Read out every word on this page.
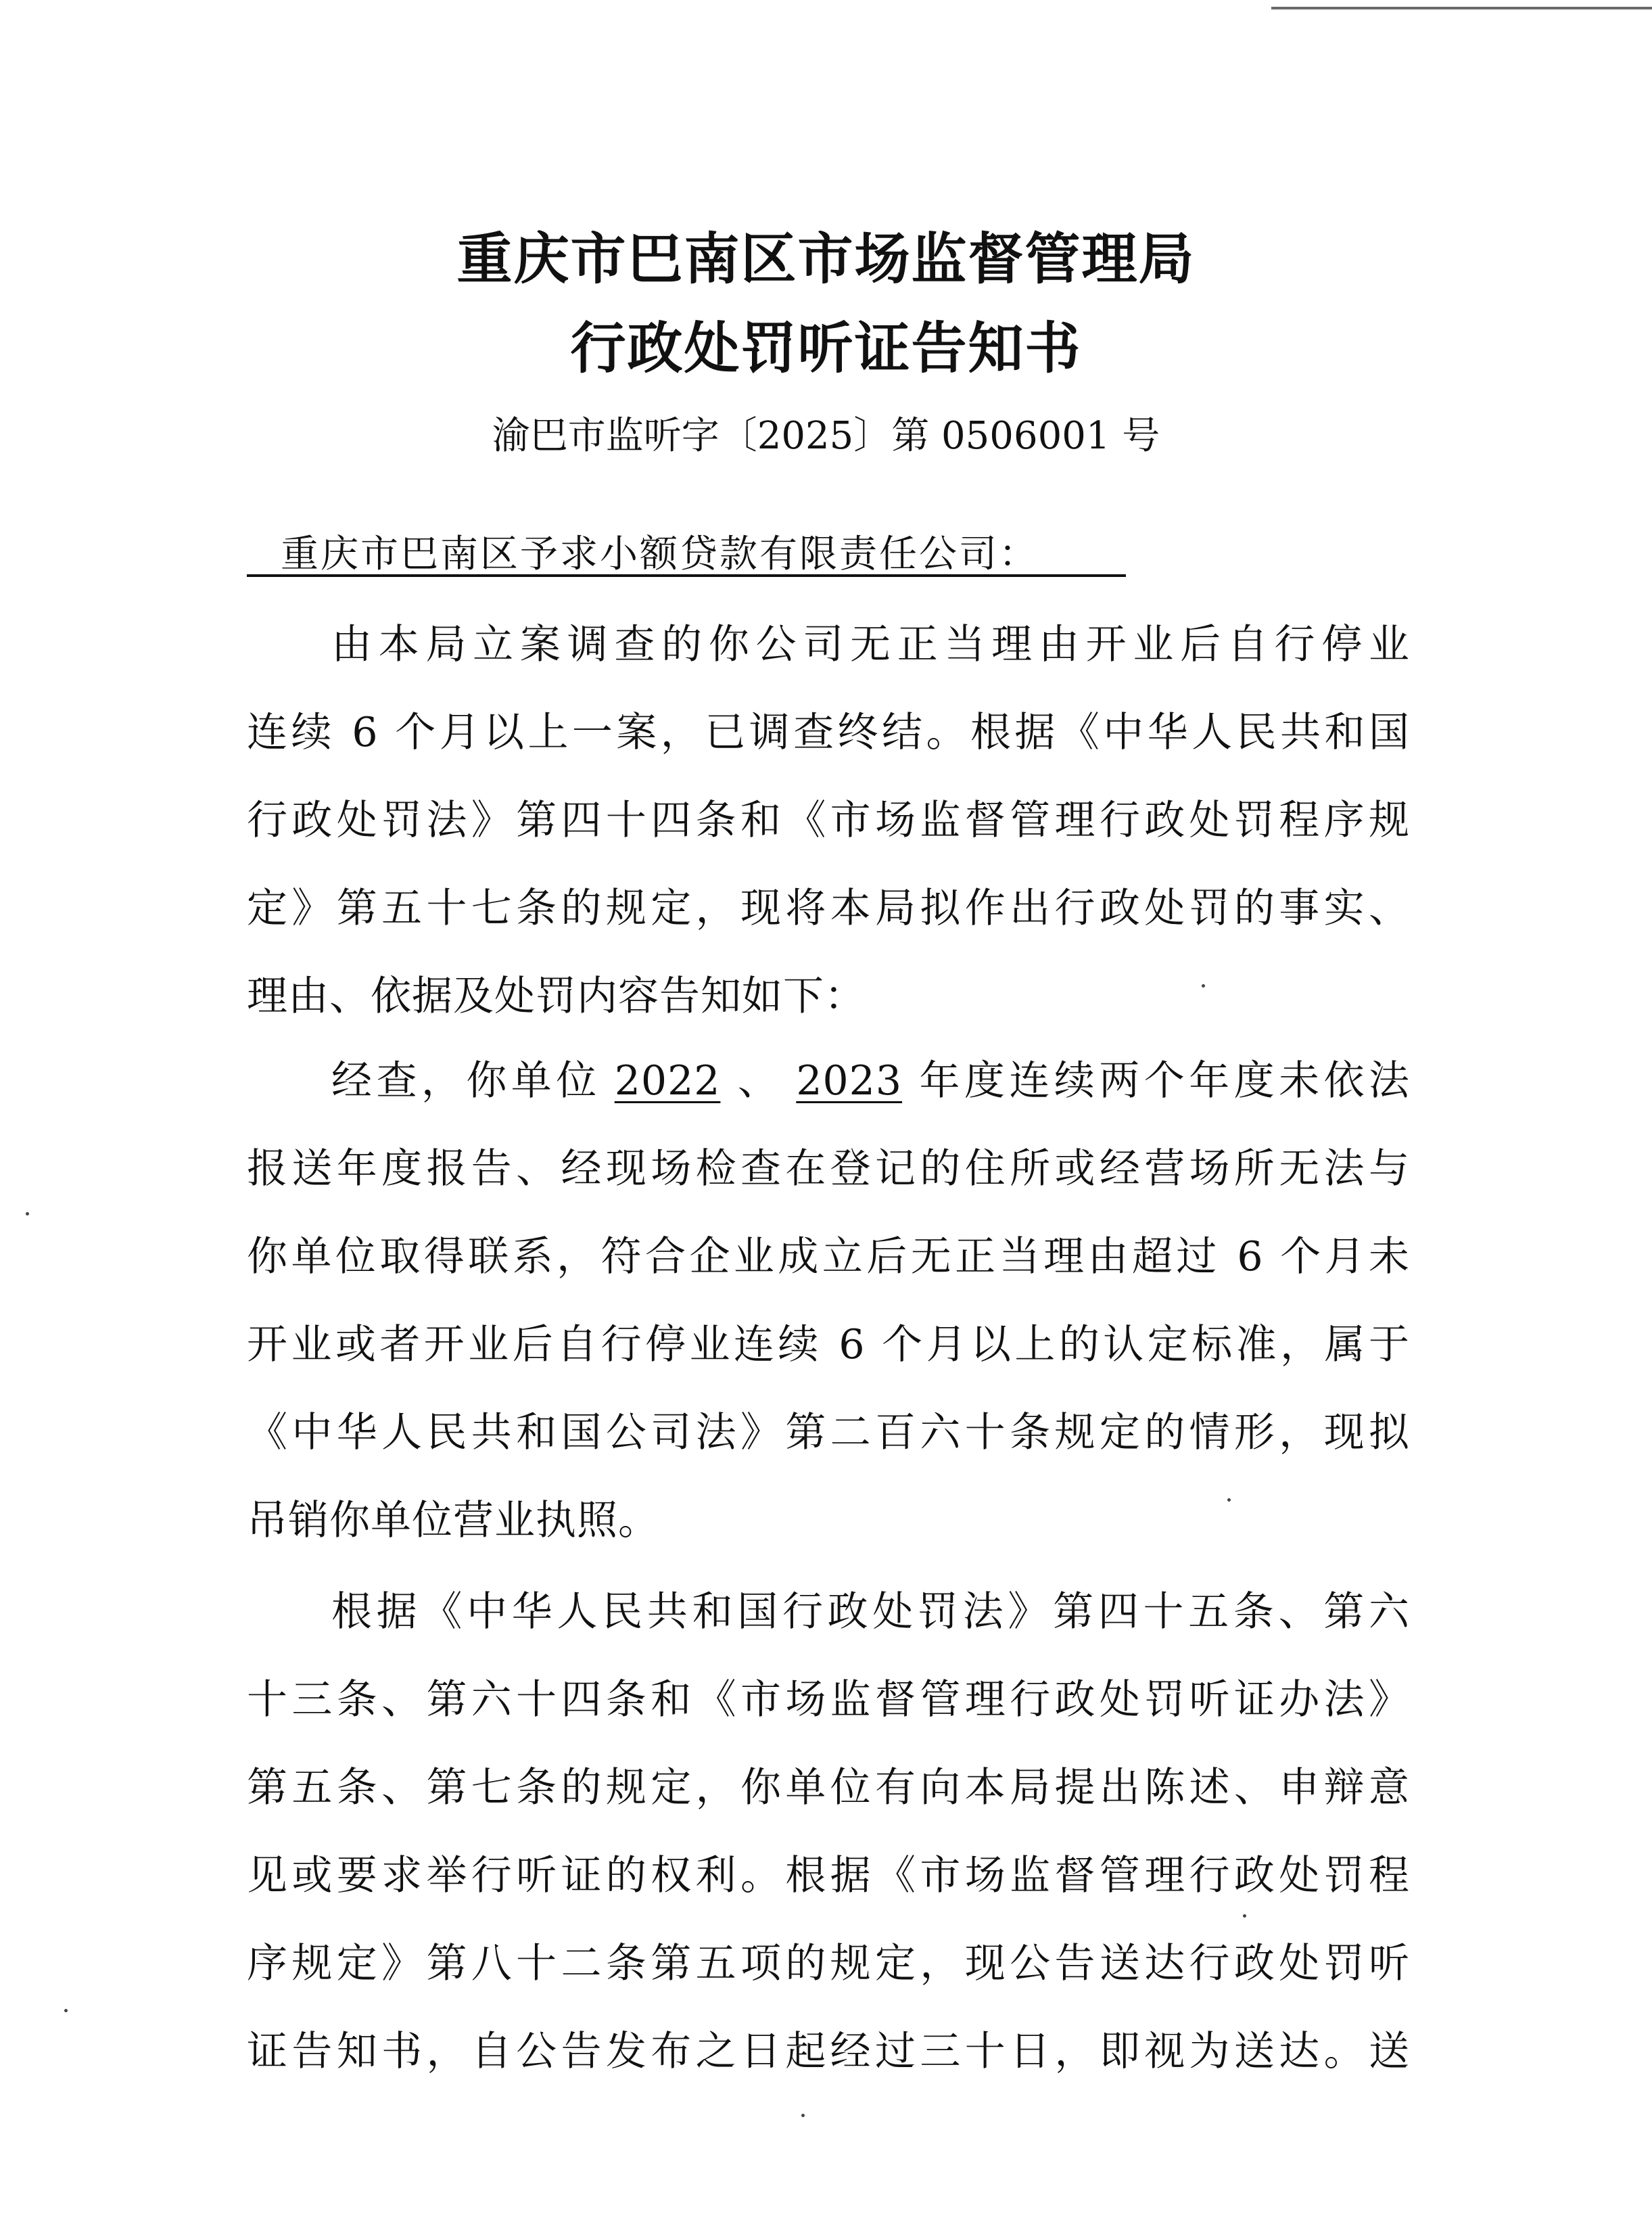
重庆市巴南区市场监督管理局
行政处罚听证告知书
渝巴市监听字〔2025〕第 0506001 号
重庆市巴南区予求小额贷款有限责任公司：
由本局立案调查的你公司无正当理由开业后自行停业
连续 6 个月以上一案，已调查终结。根据《中华人民共和国
行政处罚法》第四十四条和《市场监督管理行政处罚程序规
定》第五十七条的规定，现将本局拟作出行政处罚的事实、
理由、依据及处罚内容告知如下：
经查，你单位 2022 、 2023 年度连续两个年度未依法
报送年度报告、经现场检查在登记的住所或经营场所无法与
你单位取得联系，符合企业成立后无正当理由超过 6 个月未
开业或者开业后自行停业连续 6 个月以上的认定标准，属于
《中华人民共和国公司法》第二百六十条规定的情形，现拟
吊销你单位营业执照。
根据《中华人民共和国行政处罚法》第四十五条、第六
十三条、第六十四条和《市场监督管理行政处罚听证办法》
第五条、第七条的规定，你单位有向本局提出陈述、申辩意
见或要求举行听证的权利。根据《市场监督管理行政处罚程
序规定》第八十二条第五项的规定，现公告送达行政处罚听
证告知书，自公告发布之日起经过三十日，即视为送达。送
